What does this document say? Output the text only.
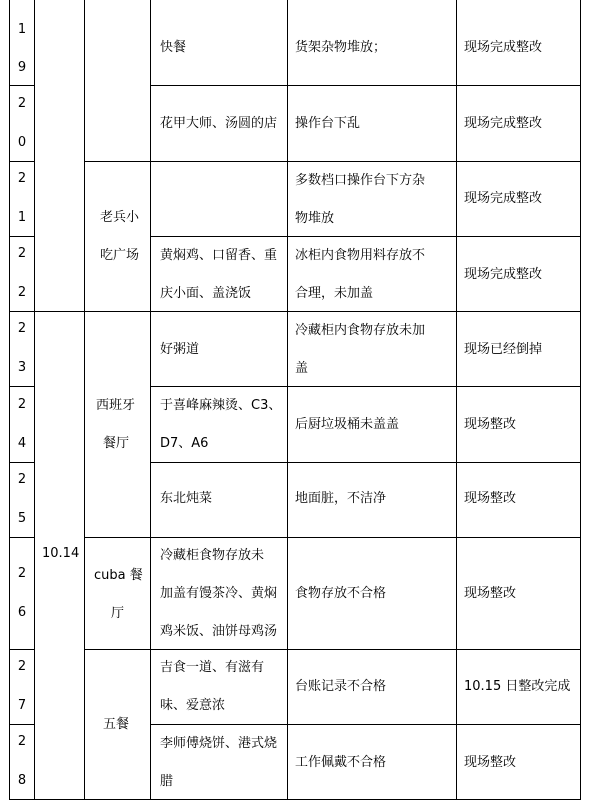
1
9
2
0
2
1
2
2
2
3
2
4
2
5
2
6
2
7
2
8
10.14
老兵小
吃广场
西班牙
餐厅
cuba 餐
厅
五餐
快餐
花甲大师、汤圆的店
黄焖鸡、口留香、重
庆小面、盖浇饭
好粥道
于喜峰麻辣烫、C3、
D7、A6
东北炖菜
冷藏柜食物存放未
加盖有馒茶冷、黄焖
鸡米饭、油饼母鸡汤
吉食一道、有滋有
味、爱意浓
李师傅烧饼、港式烧
腊
货架杂物堆放；
操作台下乱
多数档口操作台下方杂
物堆放
冰柜内食物用料存放不
合理，未加盖
冷藏柜内食物存放未加
盖
后厨垃圾桶未盖盖
地面脏，不洁净
食物存放不合格
台账记录不合格
工作佩戴不合格
现场完成整改
现场完成整改
现场完成整改
现场完成整改
现场已经倒掉
现场整改
现场整改
现场整改
10.15 日整改完成
现场整改
